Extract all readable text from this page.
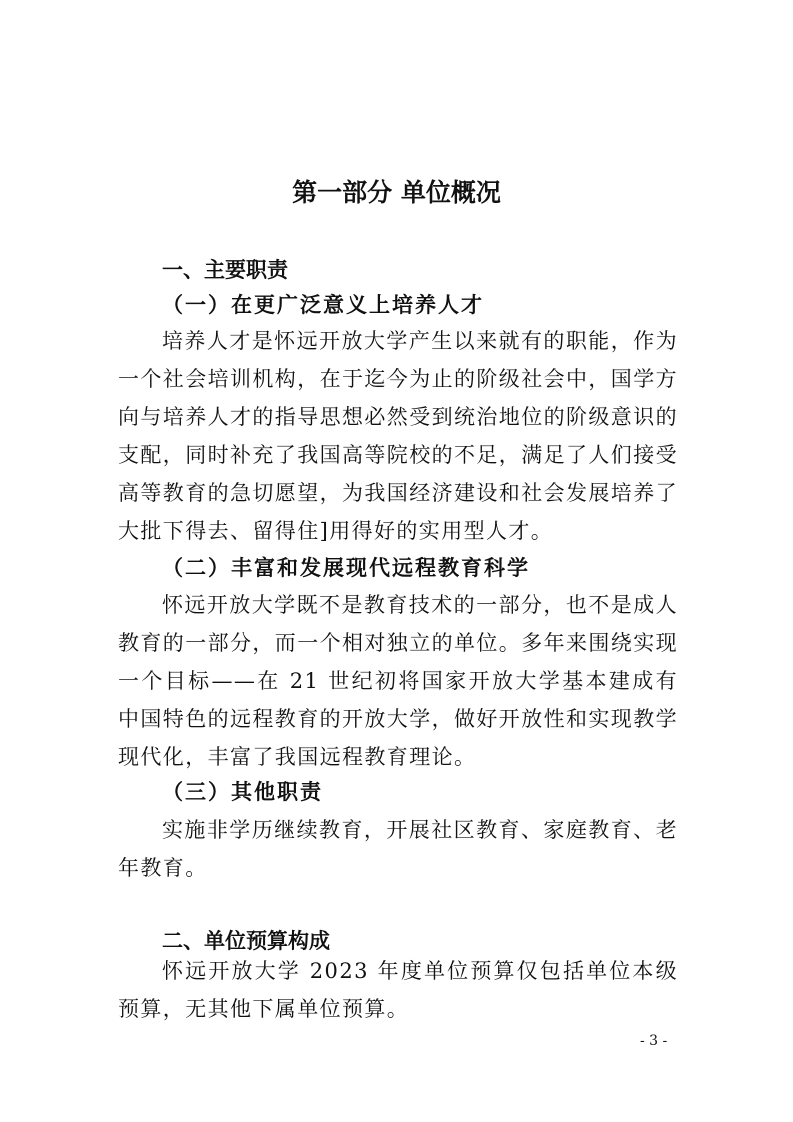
第一部分 单位概况
一、主要职责
（一）在更广泛意义上培养人才

培养人才是怀远开放大学产生以来就有的职能，作为一个社会培训机构，在于迄今为止的阶级社会中，国学方向与培养人才的指导思想必然受到统治地位的阶级意识的支配，同时补充了我国高等院校的不足，满足了人们接受高等教育的急切愿望，为我国经济建设和社会发展培养了大批下得去、留得住]用得好的实用型人才。

（二）丰富和发展现代远程教育科学

怀远开放大学既不是教育技术的一部分，也不是成人教育的一部分，而一个相对独立的单位。多年来围绕实现一个目标——在 21 世纪初将国家开放大学基本建成有中国特色的远程教育的开放大学，做好开放性和实现教学现代化，丰富了我国远程教育理论。

（三）其他职责

实施非学历继续教育，开展社区教育、家庭教育、老年教育。

二、单位预算构成

怀远开放大学 2023 年度单位预算仅包括单位本级预算，无其他下属单位预算。

- 3 -
